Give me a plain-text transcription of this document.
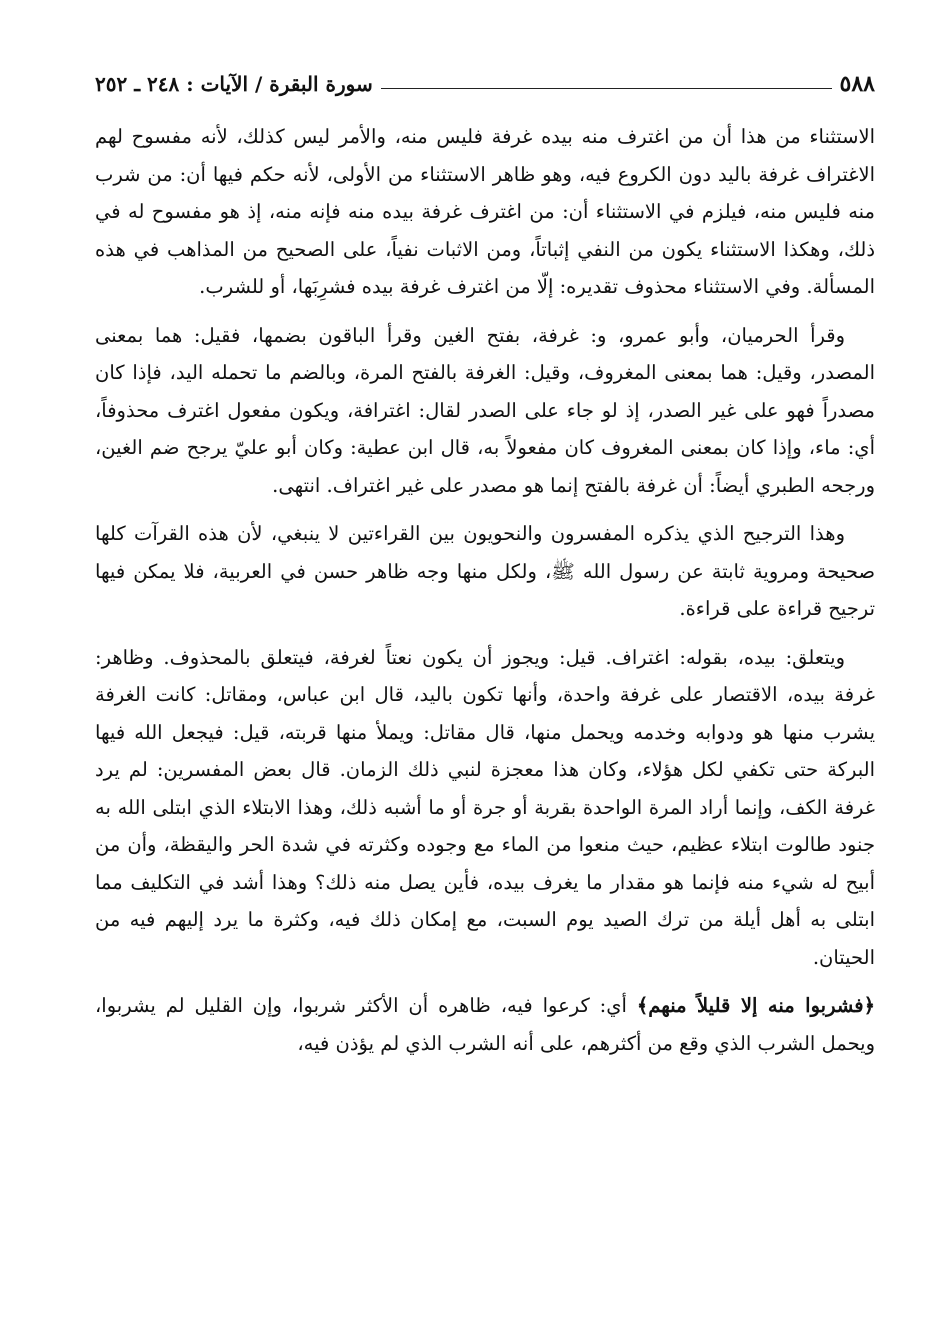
٥٨٨
سورة البقرة / الآيات : ٢٤٨ ـ ٢٥٢

الاستثناء من هذا أن من اغترف منه بيده غرفة فليس منه، والأمر ليس كذلك، لأنه مفسوح لهم الاغتراف غرفة باليد دون الكروع فيه، وهو ظاهر الاستثناء من الأولى، لأنه حكم فيها أن: من شرب منه فليس منه، فيلزم في الاستثناء أن: من اغترف غرفة بيده منه فإنه منه، إذ هو مفسوح له في ذلك، وهكذا الاستثناء يكون من النفي إثباتاً، ومن الاثبات نفياً، على الصحيح من المذاهب في هذه المسألة. وفي الاستثناء محذوف تقديره: إلّا من اغترف غرفة بيده فشرِبَها، أو للشرب.

وقرأ الحرميان، وأبو عمرو، و: غرفة، بفتح الغين وقرأ الباقون بضمها، فقيل: هما بمعنى المصدر، وقيل: هما بمعنى المغروف، وقيل: الغرفة بالفتح المرة، وبالضم ما تحمله اليد، فإذا كان مصدراً فهو على غير الصدر، إذ لو جاء على الصدر لقال: اغترافة، ويكون مفعول اغترف محذوفاً، أي: ماء، وإذا كان بمعنى المغروف كان مفعولاً به، قال ابن عطية: وكان أبو عليّ يرجح ضم الغين، ورجحه الطبري أيضاً: أن غرفة بالفتح إنما هو مصدر على غير اغتراف. انتهى.

وهذا الترجيح الذي يذكره المفسرون والنحويون بين القراءتين لا ينبغي، لأن هذه القرآت كلها صحيحة ومروية ثابتة عن رسول الله ﷺ، ولكل منها وجه ظاهر حسن في العربية، فلا يمكن فيها ترجيح قراءة على قراءة.

ويتعلق: بيده، بقوله: اغتراف. قيل: ويجوز أن يكون نعتاً لغرفة، فيتعلق بالمحذوف. وظاهر: غرفة بيده، الاقتصار على غرفة واحدة، وأنها تكون باليد، قال ابن عباس، ومقاتل: كانت الغرفة يشرب منها هو ودوابه وخدمه ويحمل منها، قال مقاتل: ويملأ منها قربته، قيل: فيجعل الله فيها البركة حتى تكفي لكل هؤلاء، وكان هذا معجزة لنبي ذلك الزمان. قال بعض المفسرين: لم يرد غرفة الكف، وإنما أراد المرة الواحدة بقربة أو جرة أو ما أشبه ذلك، وهذا الابتلاء الذي ابتلى الله به جنود طالوت ابتلاء عظيم، حيث منعوا من الماء مع وجوده وكثرته في شدة الحر واليقظة، وأن من أبيح له شيء منه فإنما هو مقدار ما يغرف بيده، فأين يصل منه ذلك؟ وهذا أشد في التكليف مما ابتلى به أهل أيلة من ترك الصيد يوم السبت، مع إمكان ذلك فيه، وكثرة ما يرد إليهم فيه من الحيتان.

﴿فشربوا منه إلا قليلاً منهم﴾ أي: كرعوا فيه، ظاهره أن الأكثر شربوا، وإن القليل لم يشربوا، ويحمل الشرب الذي وقع من أكثرهم، على أنه الشرب الذي لم يؤذن فيه،
